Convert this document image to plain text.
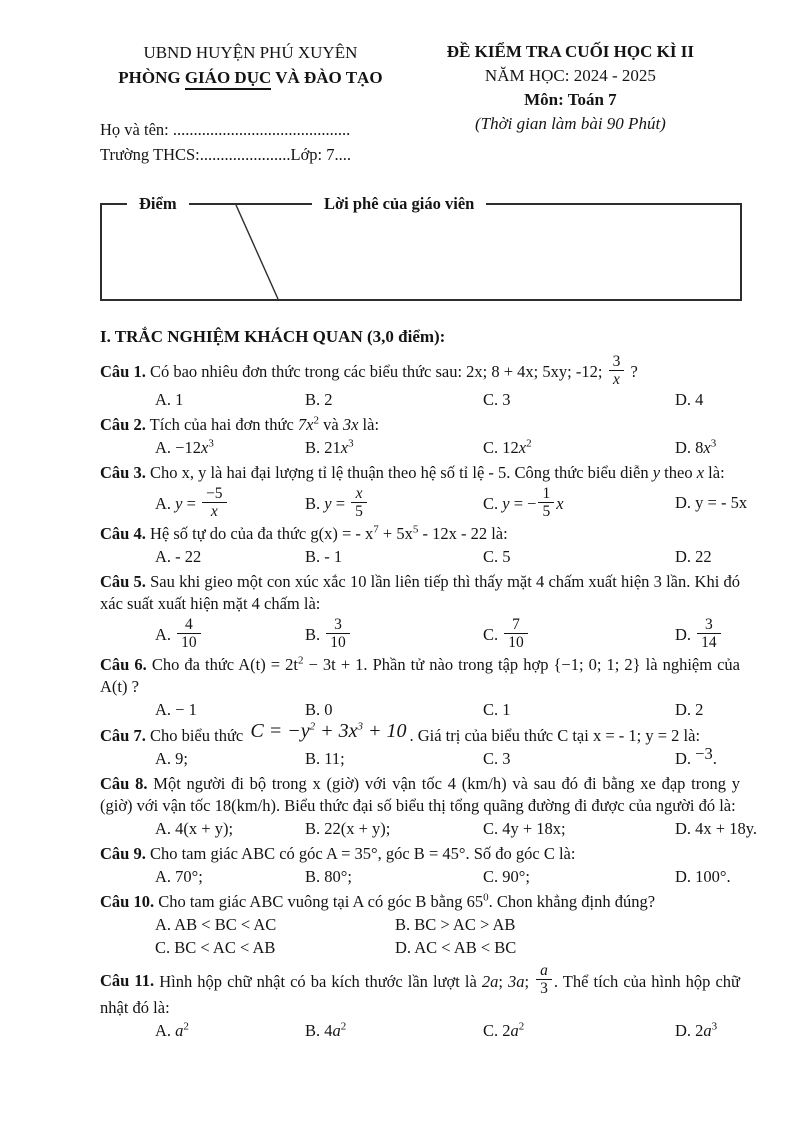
UBND HUYỆN PHÚ XUYÊN
PHÒNG GIÁO DỤC VÀ ĐÀO TẠO
Họ và tên: ...........................................
Trường THCS:......................Lớp: 7....
ĐỀ KIỂM TRA CUỐI HỌC KÌ II
NĂM HỌC: 2024 - 2025
Môn: Toán 7
(Thời gian làm bài 90 Phút)
Điểm	Lời phê của giáo viên
I. TRẮC NGHIỆM KHÁCH QUAN (3,0 điểm):

Câu 1. Có bao nhiêu đơn thức trong các biểu thức sau: 2x; 8 + 4x; 5xy; -12; $\frac{3}{x}$ ?

A. 1	B. 2	C. 3	D. 4

Câu 2. Tích của hai đơn thức $7x^2$ và 3x là:

A. $-12x^3$	B. $21x^3$	C. $12x^2$	D. $8x^3$

Câu 3. Cho x, y là hai đại lượng tỉ lệ thuận theo hệ số tỉ lệ - 5. Công thức biểu diễn y theo x là:

A. $y = \frac{-5}{x}$	B. $y = \frac{x}{5}$	C. y = − $\frac{1}{5}$ x	D. y = - 5x

Câu 4. Hệ số tự do của đa thức g(x) = - $x^7 + 5x^5 - 12x - 22$ là:

A. - 22	B. - 1	C. 5	D. 22

Câu 5. Sau khi gieo một con xúc xắc 10 lần liên tiếp thì thấy mặt 4 chấm xuất hiện 3 lần. Khi đó xác suất xuất hiện mặt 4 chấm là:

A. $\frac{4}{10}$	B. $\frac{3}{10}$	C. $\frac{7}{10}$	D. $\frac{3}{14}$

Câu 6. Cho đa thức $A(t) = 2t^2 - 3t + 1$. Phần tử nào trong tập hợp {−1; 0; 1; 2} là nghiệm của A(t) ?

A. − 1	B. 0	C. 1	D. 2

Câu 7. Cho biểu thức $C = -y^2 + 3x^3 + 10$ . Giá trị của biểu thức C tại x = - 1; y = 2 là:

A. 9;	B. 11;	C. 3	D. −3.

Câu 8. Một người đi bộ trong x (giờ) với vận tốc 4 (km/h) và sau đó đi bằng xe đạp trong y (giờ) với vận tốc 18(km/h). Biểu thức đại số biểu thị tổng quãng đường đi được của người đó là:

A. 4(x + y);	B. 22(x + y);	C. 4y + 18x;	D. 4x + 18y.

Câu 9. Cho tam giác ABC có góc A = 35°, góc B = 45°. Số đo góc C là:

A. 70°;	B. 80°;	C. 90°;	D. 100°.

Câu 10. Cho tam giác ABC vuông tại A có góc B bằng $65^0$. Chon khẳng định đúng?

A. AB < BC < AC	B. BC > AC > AB
C. BC < AC < AB	D. AC < AB < BC

Câu 11. Hình hộp chữ nhật có ba kích thước lần lượt là 2a; 3a; $\frac{a}{3}$ . Thể tích của hình hộp chữ nhật đó là:

A. $a^2$	B. $4a^2$	C. $2a^2$	D. $2a^3$
